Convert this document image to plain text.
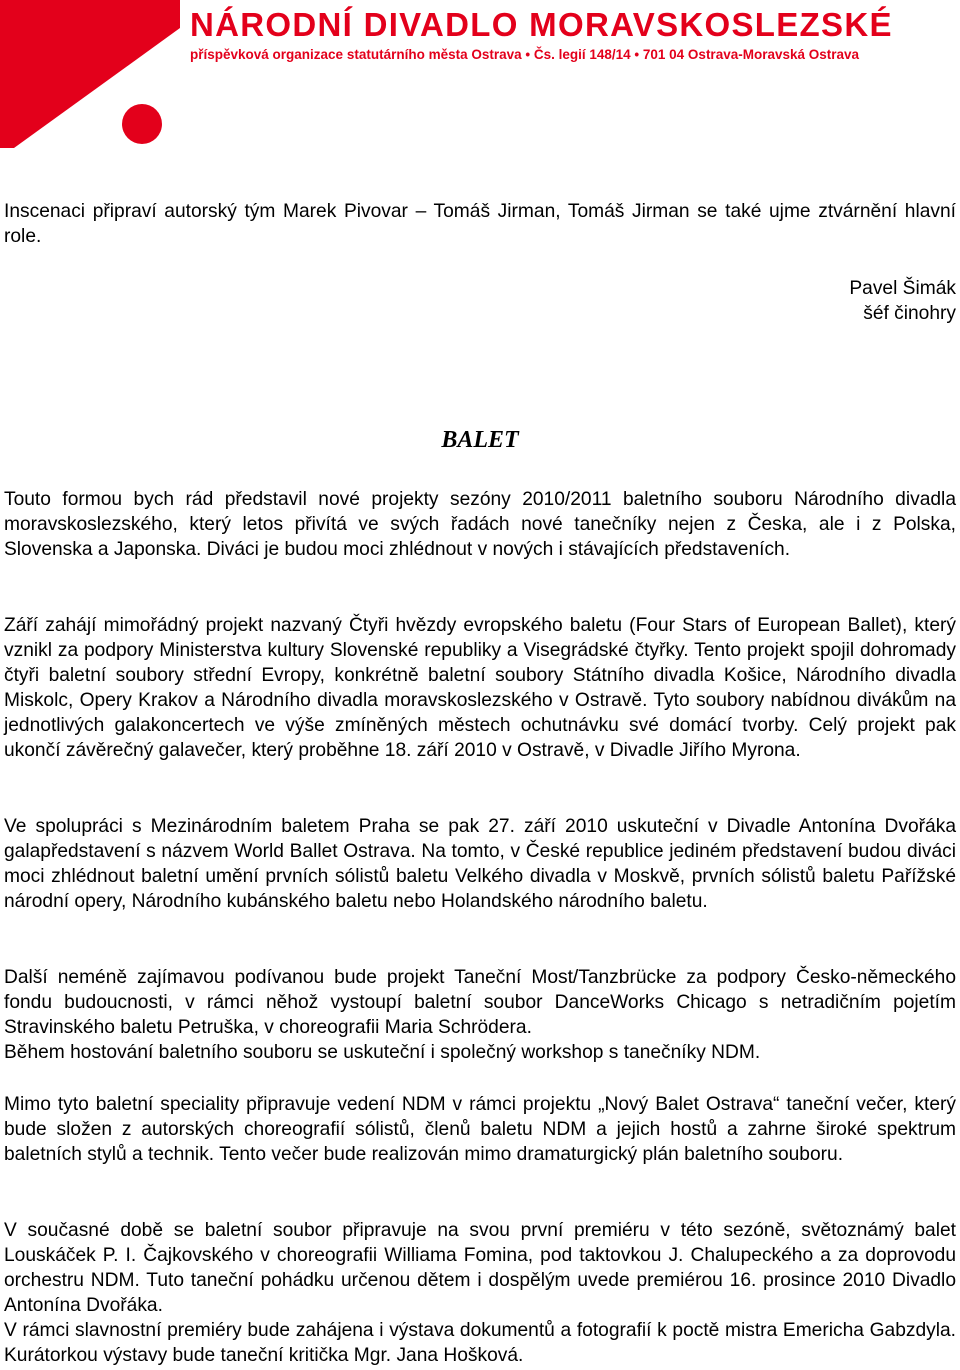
NÁRODNÍ DIVADLO MORAVSKOSLEZSKÉ
příspěvková organizace statutárního města Ostrava • Čs. legií 148/14 • 701 04 Ostrava-Moravská Ostrava
Inscenaci připraví autorský tým Marek Pivovar – Tomáš Jirman, Tomáš Jirman se také ujme ztvárnění hlavní role.
Pavel Šimák
šéf činohry
BALET
Touto formou bych rád představil nové projekty sezóny 2010/2011 baletního souboru Národního divadla moravskoslezského, který letos přivítá ve svých řadách nové tanečníky nejen z Česka, ale i z Polska, Slovenska a Japonska. Diváci je budou moci zhlédnout v nových i stávajících představeních.
Září zahájí mimořádný projekt nazvaný Čtyři hvězdy evropského baletu (Four Stars of European Ballet), který vznikl za podpory Ministerstva kultury Slovenské republiky a Visegrádské čtyřky. Tento projekt spojil dohromady čtyři baletní soubory střední Evropy, konkrétně baletní soubory Státního divadla Košice, Národního divadla Miskolc, Opery Krakov a Národního divadla moravskoslezského v Ostravě. Tyto soubory nabídnou divákům na jednotlivých galakoncertech ve výše zmíněných městech ochutnávku své domácí tvorby. Celý projekt pak ukončí závěrečný galavečer, který proběhne 18. září 2010 v Ostravě, v Divadle Jiřího Myrona.
Ve spolupráci s Mezinárodním baletem Praha se pak 27. září 2010 uskuteční v Divadle Antonína Dvořáka galapředstavení s názvem World Ballet Ostrava. Na tomto, v České republice jediném představení budou diváci moci zhlédnout baletní umění prvních sólistů baletu Velkého divadla v Moskvě, prvních sólistů baletu Pařížské národní opery, Národního kubánského baletu nebo Holandského národního baletu.
Další neméně zajímavou podívanou bude projekt Taneční Most/Tanzbrücke za podpory Česko-německého fondu budoucnosti, v rámci něhož vystoupí baletní soubor DanceWorks Chicago s netradičním pojetím Stravinského baletu Petruška, v choreografii Maria Schrödera.
Během hostování baletního souboru se uskuteční i společný workshop s tanečníky NDM.
Mimo tyto baletní speciality připravuje vedení NDM v rámci projektu „Nový Balet Ostrava“ taneční večer, který bude složen z autorských choreografií sólistů, členů baletu NDM a jejich hostů a zahrne široké spektrum baletních stylů a technik. Tento večer bude realizován mimo dramaturgický plán baletního souboru.
V současné době se baletní soubor připravuje na svou první premiéru v této sezóně, světoznámý balet Louskáček P. I. Čajkovského v choreografii Williama Fomina, pod taktovkou J. Chalupeckého a za doprovodu orchestru NDM. Tuto taneční pohádku určenou dětem i dospělým uvede premiérou 16. prosince 2010 Divadlo Antonína Dvořáka.
V rámci slavnostní premiéry bude zahájena i výstava dokumentů a fotografií k poctě mistra Emericha Gabzdyla. Kurátorkou výstavy bude taneční kritička Mgr. Jana Hošková.
